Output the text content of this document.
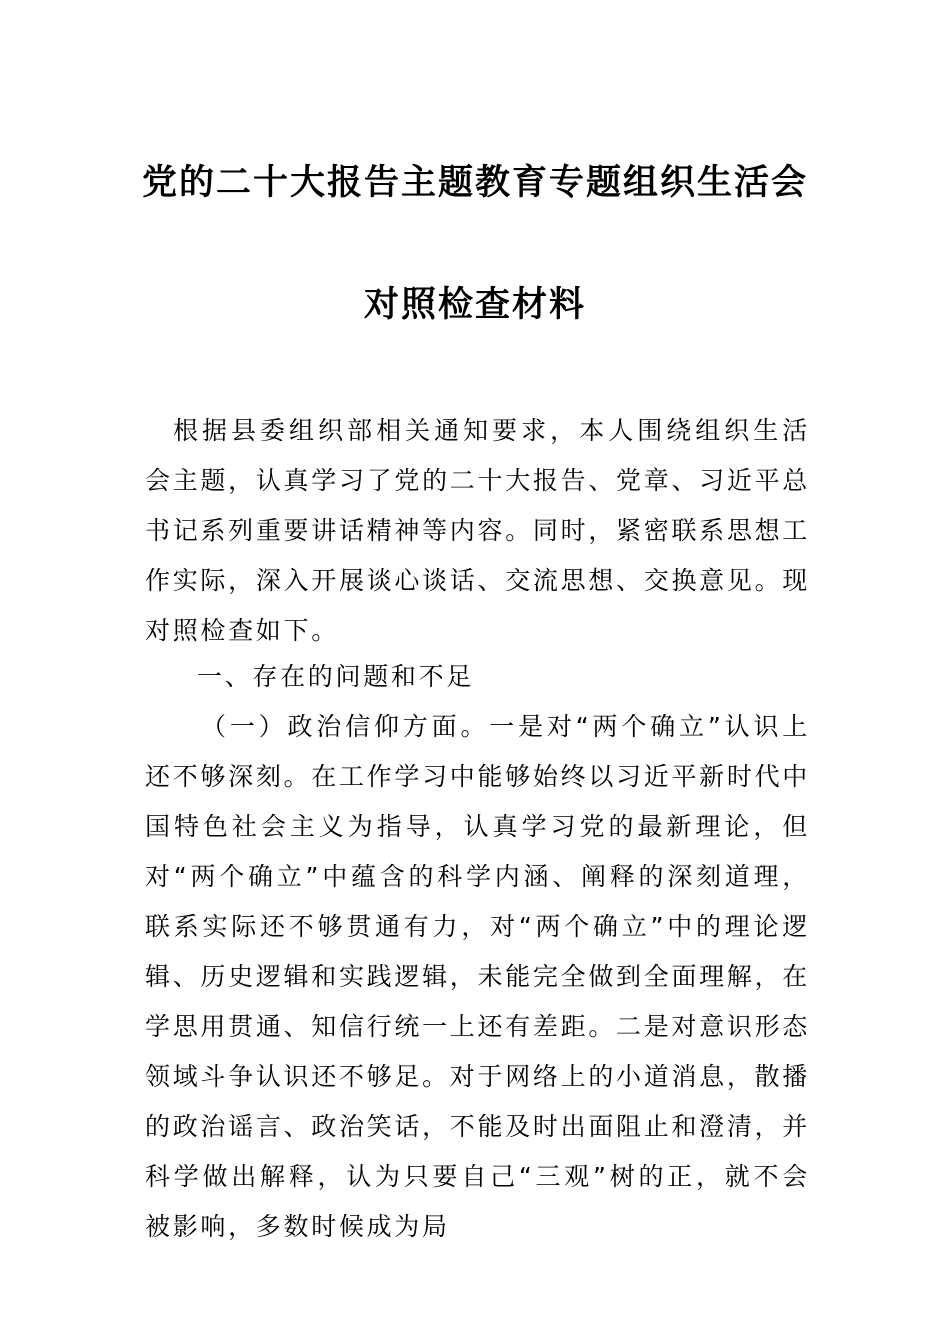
党的二十大报告主题教育专题组织生活会
对照检查材料

根据县委组织部相关通知要求，本人围绕组织生活会主题，认真学习了党的二十大报告、党章、习近平总书记系列重要讲话精神等内容。同时，紧密联系思想工作实际，深入开展谈心谈话、交流思想、交换意见。现对照检查如下。

一、存在的问题和不足

（一）政治信仰方面。一是对“两个确立”认识上还不够深刻。在工作学习中能够始终以习近平新时代中国特色社会主义为指导，认真学习党的最新理论，但对“两个确立”中蕴含的科学内涵、阐释的深刻道理，联系实际还不够贯通有力，对“两个确立”中的理论逻辑、历史逻辑和实践逻辑，未能完全做到全面理解，在学思用贯通、知信行统一上还有差距。二是对意识形态领域斗争认识还不够足。对于网络上的小道消息，散播的政治谣言、政治笑话，不能及时出面阻止和澄清，并科学做出解释，认为只要自己“三观”树的正，就不会被影响，多数时候成为局
